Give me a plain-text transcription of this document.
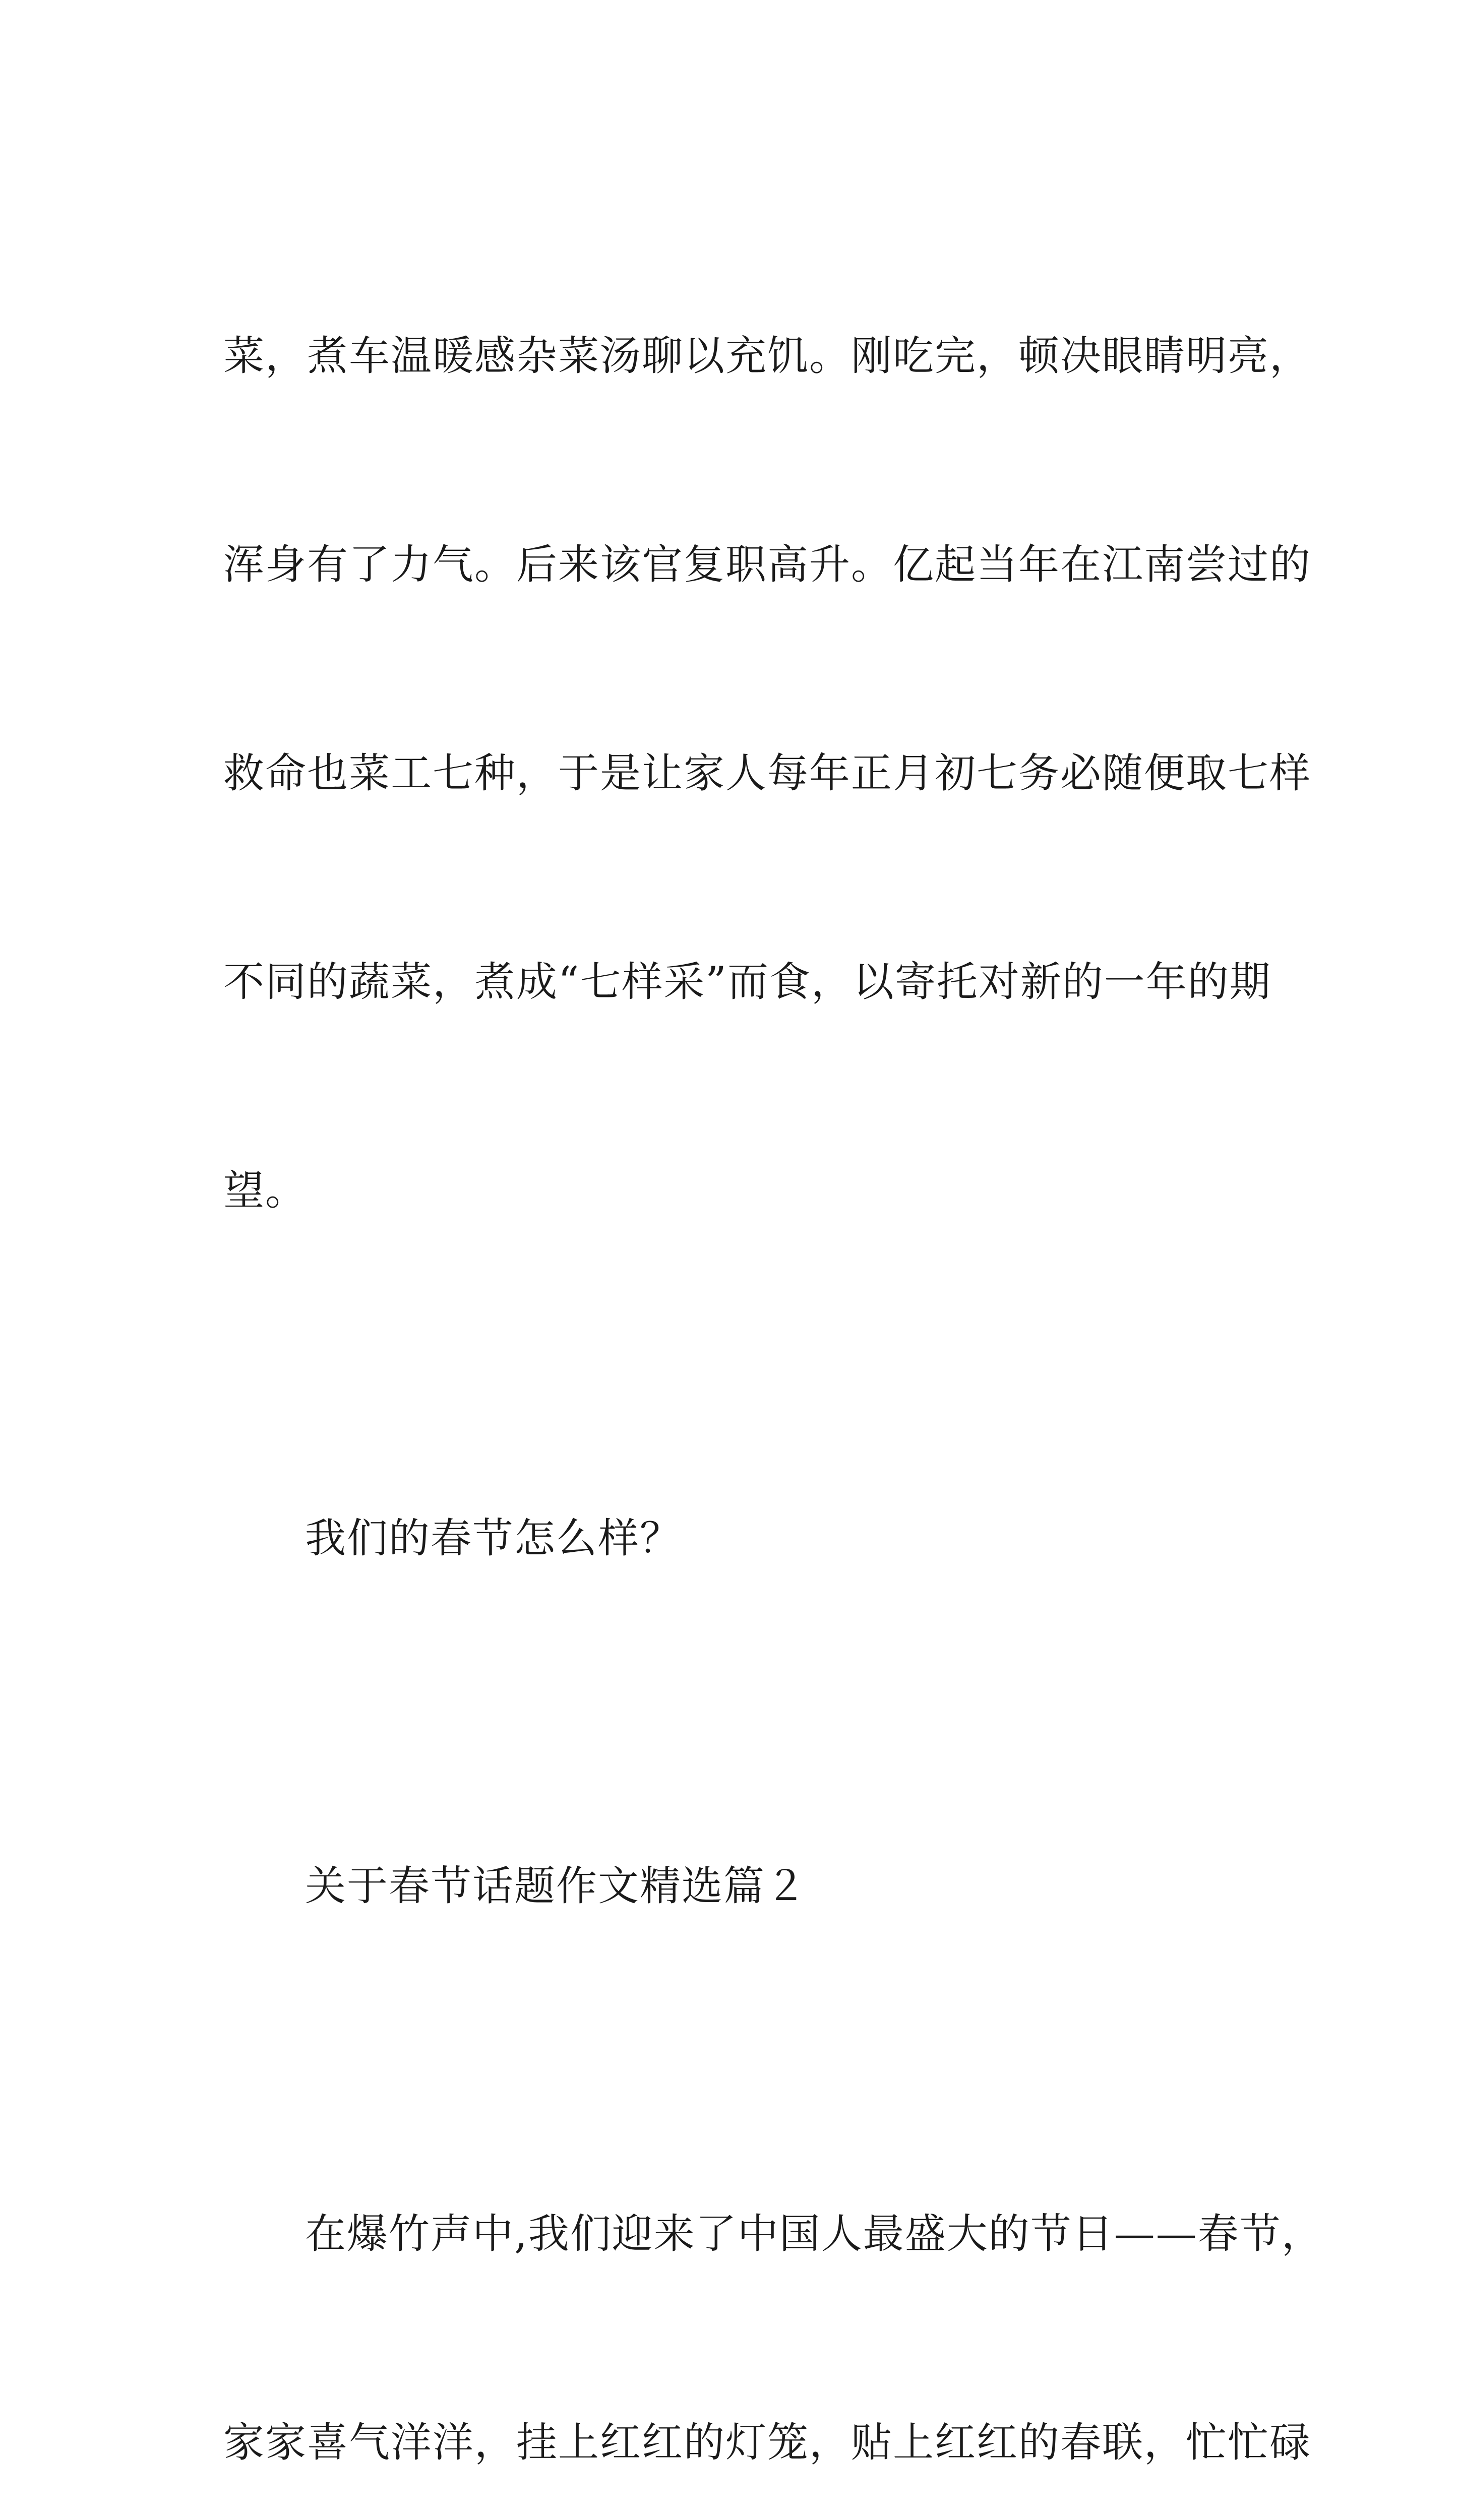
菜，煮车温暖感杂菜汤聊以充饥。刚吃完，顿决眼睛明亮，

浑身有了力气。后来该官复职高升。亿起当年在江南尝过的

救命也菜工七种，于是让家人每年正月初七务必随便取七样

不同的蔬菜，煮成“七样采”而食，以寄托对新的一年的期

望。

我们的春节怎么样？

关于春节话题作文精选篇２

在爆竹声中,我们迎来了中国人最盛大的节日——春节，

家家喜气洋洋，挂上红红的灯笼，贴上红红的春联，忙忙碌
